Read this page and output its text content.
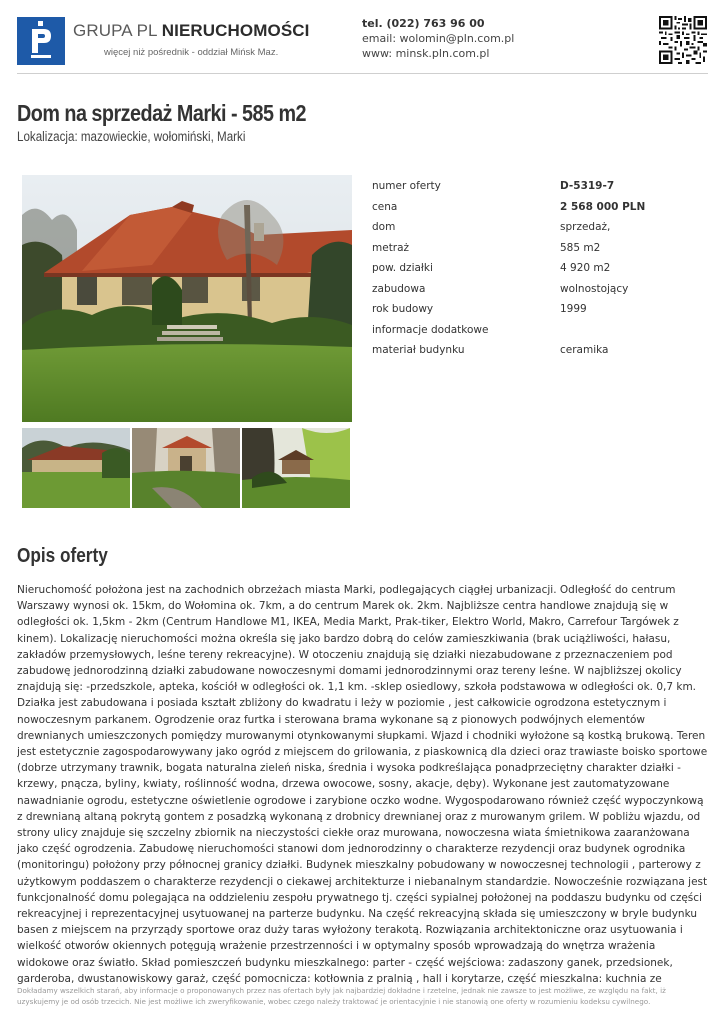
GRUPA PL NIERUCHOMOŚCI
więcej niż pośrednik - oddział Mińsk Maz.
tel. (022) 763 96 00
email: wolomin@pln.com.pl
www: minsk.pln.com.pl
Dom na sprzedaż Marki - 585 m2
Lokalizacja: mazowieckie, wołomiński, Marki
numer oferty	D-5319-7
cena	2 568 000 PLN
dom	sprzedaż,
metraż	585 m2
pow. działki	4 920 m2
zabudowa	wolnostojący
rok budowy	1999
informacje dodatkowe
materiał budynku	ceramika
Opis oferty
Nieruchomość położona jest na zachodnich obrzeżach miasta Marki, podlegających ciągłej urbanizacji. Odległość do centrum Warszawy wynosi ok. 15km, do Wołomina ok. 7km, a do centrum Marek ok. 2km. Najbliższe centra handlowe znajdują się w odległości ok. 1,5km - 2km (Centrum Handlowe M1, IKEA, Media Markt, Prak-tiker, Elektro World, Makro, Carrefour Targówek z kinem). Lokalizację nieruchomości można określa się jako bardzo dobrą do celów zamieszkiwania (brak uciążliwości, hałasu, zakładów przemysłowych, leśne tereny rekreacyjne). W otoczeniu znajdują się działki niezabudowane z przeznaczeniem pod zabudowę jednorodzinną działki zabudowane nowoczesnymi domami jednorodzinnymi oraz tereny leśne. W najbliższej okolicy znajdują się: -przedszkole, apteka, kościół w odległości ok. 1,1 km. -sklep osiedlowy, szkoła podstawowa w odległości ok. 0,7 km. Działka jest zabudowana i posiada kształt zbliżony do kwadratu i leży w poziomie , jest całkowicie ogrodzona estetycznym i nowoczesnym parkanem. Ogrodzenie oraz furtka i sterowana brama wykonane są z pionowych podwójnych elementów drewnianych umieszczonych pomiędzy murowanymi otynkowanymi słupkami. Wjazd i chodniki wyłożone są kostką brukową. Teren jest estetycznie zagospodarowywany jako ogród z miejscem do grilowania, z piaskownicą dla dzieci oraz trawiaste boisko sportowe (dobrze utrzymany trawnik, bogata naturalna zieleń niska, średnia i wysoka podkreślająca ponadprzeciętny charakter działki - krzewy, pnącza, byliny, kwiaty, roślinność wodna, drzewa owocowe, sosny, akacje, dęby). Wykonane jest zautomatyzowane nawadnianie ogrodu, estetyczne oświetlenie ogrodowe i zarybione oczko wodne. Wygospodarowano również część wypoczynkową z drewnianą altaną pokrytą gontem z posadzką wykonaną z drobnicy drewnianej oraz z murowanym grilem. W pobliżu wjazdu, od strony ulicy znajduje się szczelny zbiornik na nieczystości ciekłe oraz murowana, nowoczesna wiata śmietnikowa zaaranżowana jako część ogrodzenia. Zabudowę nieruchomości stanowi dom jednorodzinny o charakterze rezydencji oraz budynek ogrodnika (monitoringu) położony przy północnej granicy działki. Budynek mieszkalny pobudowany w nowoczesnej technologii , parterowy z użytkowym poddaszem o charakterze rezydencji o ciekawej architekturze i niebanalnym standardzie. Nowocześnie rozwiązana jest funkcjonalność domu polegająca na oddzieleniu zespołu prywatnego tj. części sypialnej położonej na poddaszu budynku od części rekreacyjnej i reprezentacyjnej usytuowanej na parterze budynku. Na część rekreacyjną składa się umieszczony w bryle budynku basen z miejscem na przyrządy sportowe oraz duży taras wyłożony terakotą. Rozwiązania architektoniczne oraz usytuowania i wielkość otworów okiennych potęgują wrażenie przestrzenności i w optymalny sposób wprowadzają do wnętrza wrażenia widokowe oraz światło. Skład pomieszczeń budynku mieszkalnego: parter - część wejściowa: zadaszony ganek, przedsionek, garderoba, dwustanowiskowy garaż, część pomocnicza: kotłownia z pralnią , hall i korytarze, część mieszkalna: kuchnia ze
Dokładamy wszelkich starań, aby informacje o proponowanych przez nas ofertach były jak najbardziej dokładne i rzetelne, jednak nie zawsze to jest możliwe, ze względu na fakt, iż uzyskujemy je od osób trzecich. Nie jest możliwe ich zweryfikowanie, wobec czego należy traktować je orientacyjnie i nie stanowią one oferty w rozumieniu kodeksu cywilnego.
